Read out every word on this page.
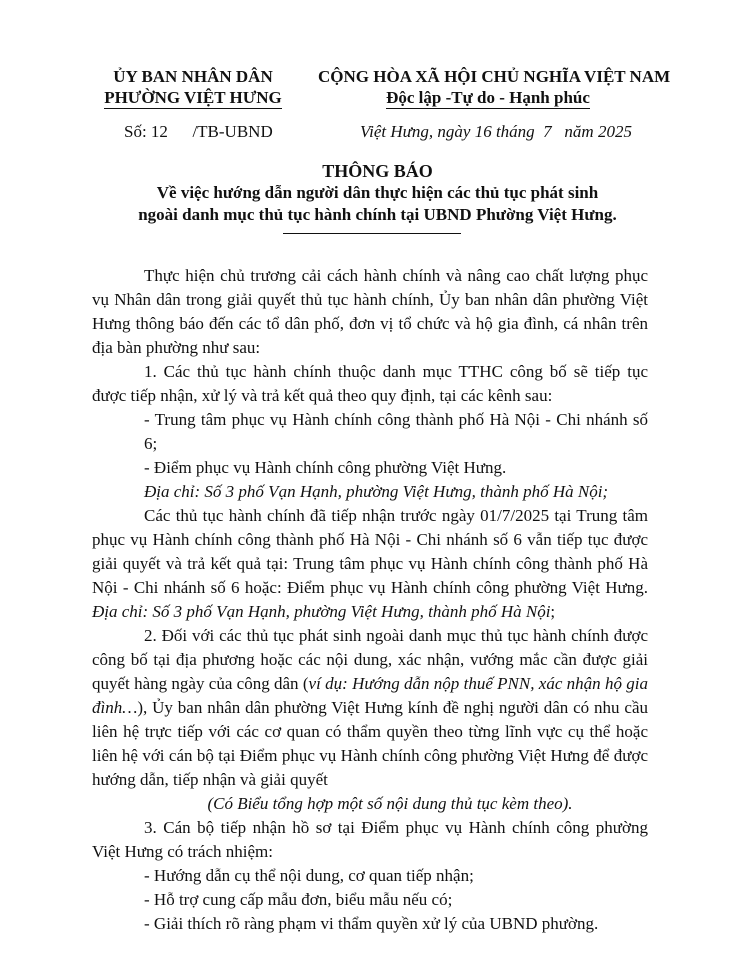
ỦY BAN NHÂN DÂN
PHƯỜNG VIỆT HƯNG
CỘNG HÒA XÃ HỘI CHỦ NGHĨA VIỆT NAM
Độc lập -Tự do - Hạnh phúc
Số: 12 /TB-UBND	Việt Hưng, ngày 16 tháng  7   năm 2025
THÔNG BÁO
Về việc hướng dẫn người dân thực hiện các thủ tục phát sinh
ngoài danh mục thủ tục hành chính tại UBND Phường Việt Hưng.

Thực hiện chủ trương cải cách hành chính và nâng cao chất lượng phục vụ Nhân dân trong giải quyết thủ tục hành chính, Ủy ban nhân dân phường Việt Hưng thông báo đến các tổ dân phố, đơn vị tổ chức và hộ gia đình, cá nhân trên địa bàn phường như sau:

1. Các thủ tục hành chính thuộc danh mục TTHC công bố sẽ tiếp tục được tiếp nhận, xử lý và trả kết quả theo quy định, tại các kênh sau:

- Trung tâm phục vụ Hành chính công thành phố Hà Nội - Chi nhánh số 6;

- Điểm phục vụ Hành chính công phường Việt Hưng.

Địa chỉ: Số 3 phố Vạn Hạnh, phường Việt Hưng, thành phố Hà Nội;

Các thủ tục hành chính đã tiếp nhận trước ngày 01/7/2025 tại Trung tâm phục vụ Hành chính công thành phố Hà Nội - Chi nhánh số 6 vẫn tiếp tục được giải quyết và trả kết quả tại: Trung tâm phục vụ Hành chính công thành phố Hà Nội - Chi nhánh số 6 hoặc: Điểm phục vụ Hành chính công phường Việt Hưng. Địa chỉ: Số 3 phố Vạn Hạnh, phường Việt Hưng, thành phố Hà Nội;

2. Đối với các thủ tục phát sinh ngoài danh mục thủ tục hành chính được công bố tại địa phương hoặc các nội dung, xác nhận, vướng mắc cần được giải quyết hàng ngày của công dân (ví dụ: Hướng dẫn nộp thuế PNN, xác nhận hộ gia đình…), Ủy ban nhân dân phường Việt Hưng kính đề nghị người dân có nhu cầu liên hệ trực tiếp với các cơ quan có thẩm quyền theo từng lĩnh vực cụ thể hoặc liên hệ với cán bộ tại Điểm phục vụ Hành chính công phường Việt Hưng để được hướng dẫn, tiếp nhận và giải quyết

(Có Biểu tổng hợp một số nội dung thủ tục kèm theo).

3. Cán bộ tiếp nhận hồ sơ tại Điểm phục vụ Hành chính công phường Việt Hưng có trách nhiệm:

- Hướng dẫn cụ thể nội dung, cơ quan tiếp nhận;

- Hỗ trợ cung cấp mẫu đơn, biểu mẫu nếu có;

- Giải thích rõ ràng phạm vi thẩm quyền xử lý của UBND phường.
